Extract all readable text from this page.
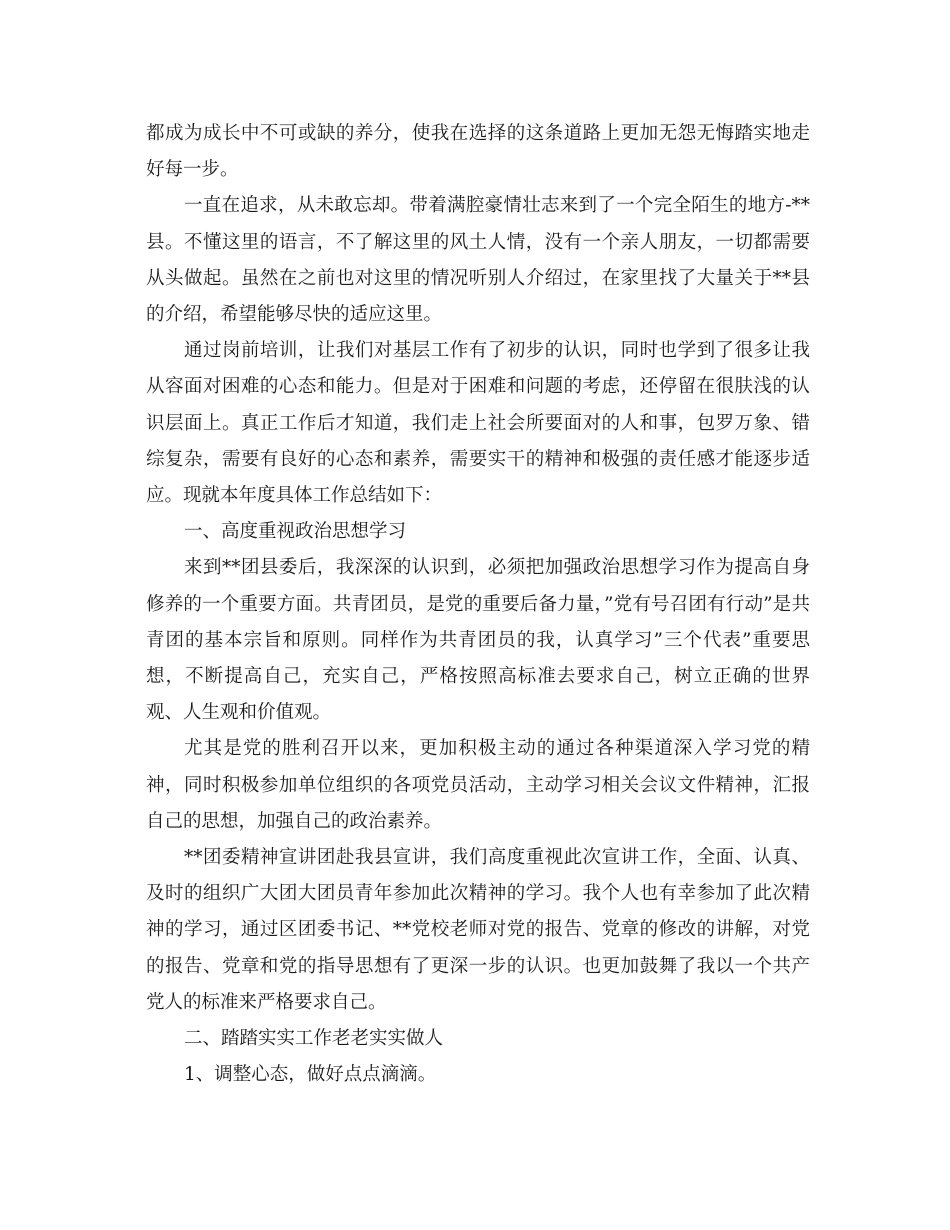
都成为成长中不可或缺的养分，使我在选择的这条道路上更加无怨无悔踏实地走好每一步。

一直在追求，从未敢忘却。带着满腔豪情壮志来到了一个完全陌生的地方-**县。不懂这里的语言，不了解这里的风土人情，没有一个亲人朋友，一切都需要从头做起。虽然在之前也对这里的情况听别人介绍过，在家里找了大量关于**县的介绍，希望能够尽快的适应这里。

通过岗前培训，让我们对基层工作有了初步的认识，同时也学到了很多让我从容面对困难的心态和能力。但是对于困难和问题的考虑，还停留在很肤浅的认识层面上。真正工作后才知道，我们走上社会所要面对的人和事，包罗万象、错综复杂，需要有良好的心态和素养，需要实干的精神和极强的责任感才能逐步适应。现就本年度具体工作总结如下：

一、高度重视政治思想学习

来到**团县委后，我深深的认识到，必须把加强政治思想学习作为提高自身修养的一个重要方面。共青团员，是党的重要后备力量，”党有号召团有行动”是共青团的基本宗旨和原则。同样作为共青团员的我，认真学习”三个代表”重要思想，不断提高自己，充实自己，严格按照高标准去要求自己，树立正确的世界观、人生观和价值观。

尤其是党的胜利召开以来，更加积极主动的通过各种渠道深入学习党的精神，同时积极参加单位组织的各项党员活动，主动学习相关会议文件精神，汇报自己的思想，加强自己的政治素养。

**团委精神宣讲团赴我县宣讲，我们高度重视此次宣讲工作，全面、认真、及时的组织广大团大团员青年参加此次精神的学习。我个人也有幸参加了此次精神的学习，通过区团委书记、**党校老师对党的报告、党章的修改的讲解，对党的报告、党章和党的指导思想有了更深一步的认识。也更加鼓舞了我以一个共产党人的标准来严格要求自己。

二、踏踏实实工作老老实实做人

1、调整心态，做好点点滴滴。
